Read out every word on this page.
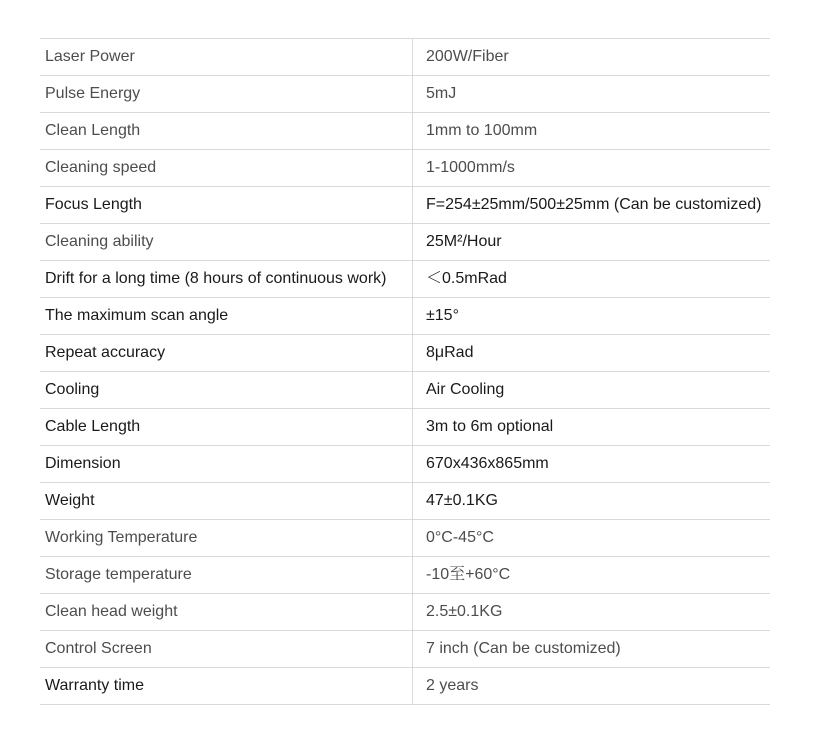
Laser Power	200W/Fiber
Pulse Energy	5mJ
Clean Length	1mm to 100mm
Cleaning speed	1-1000mm/s
Focus Length	F=254±25mm/500±25mm (Can be customized)
Cleaning ability	25M²/Hour
Drift for a long time (8 hours of continuous work)	＜0.5mRad
The maximum scan angle	±15°
Repeat accuracy	8μRad
Cooling	Air Cooling
Cable Length	3m to 6m optional
Dimension	670x436x865mm
Weight	47±0.1KG
Working Temperature	0°C-45°C
Storage temperature	-10至+60°C
Clean head weight	2.5±0.1KG
Control Screen	7 inch (Can be customized)
Warranty time	2 years
